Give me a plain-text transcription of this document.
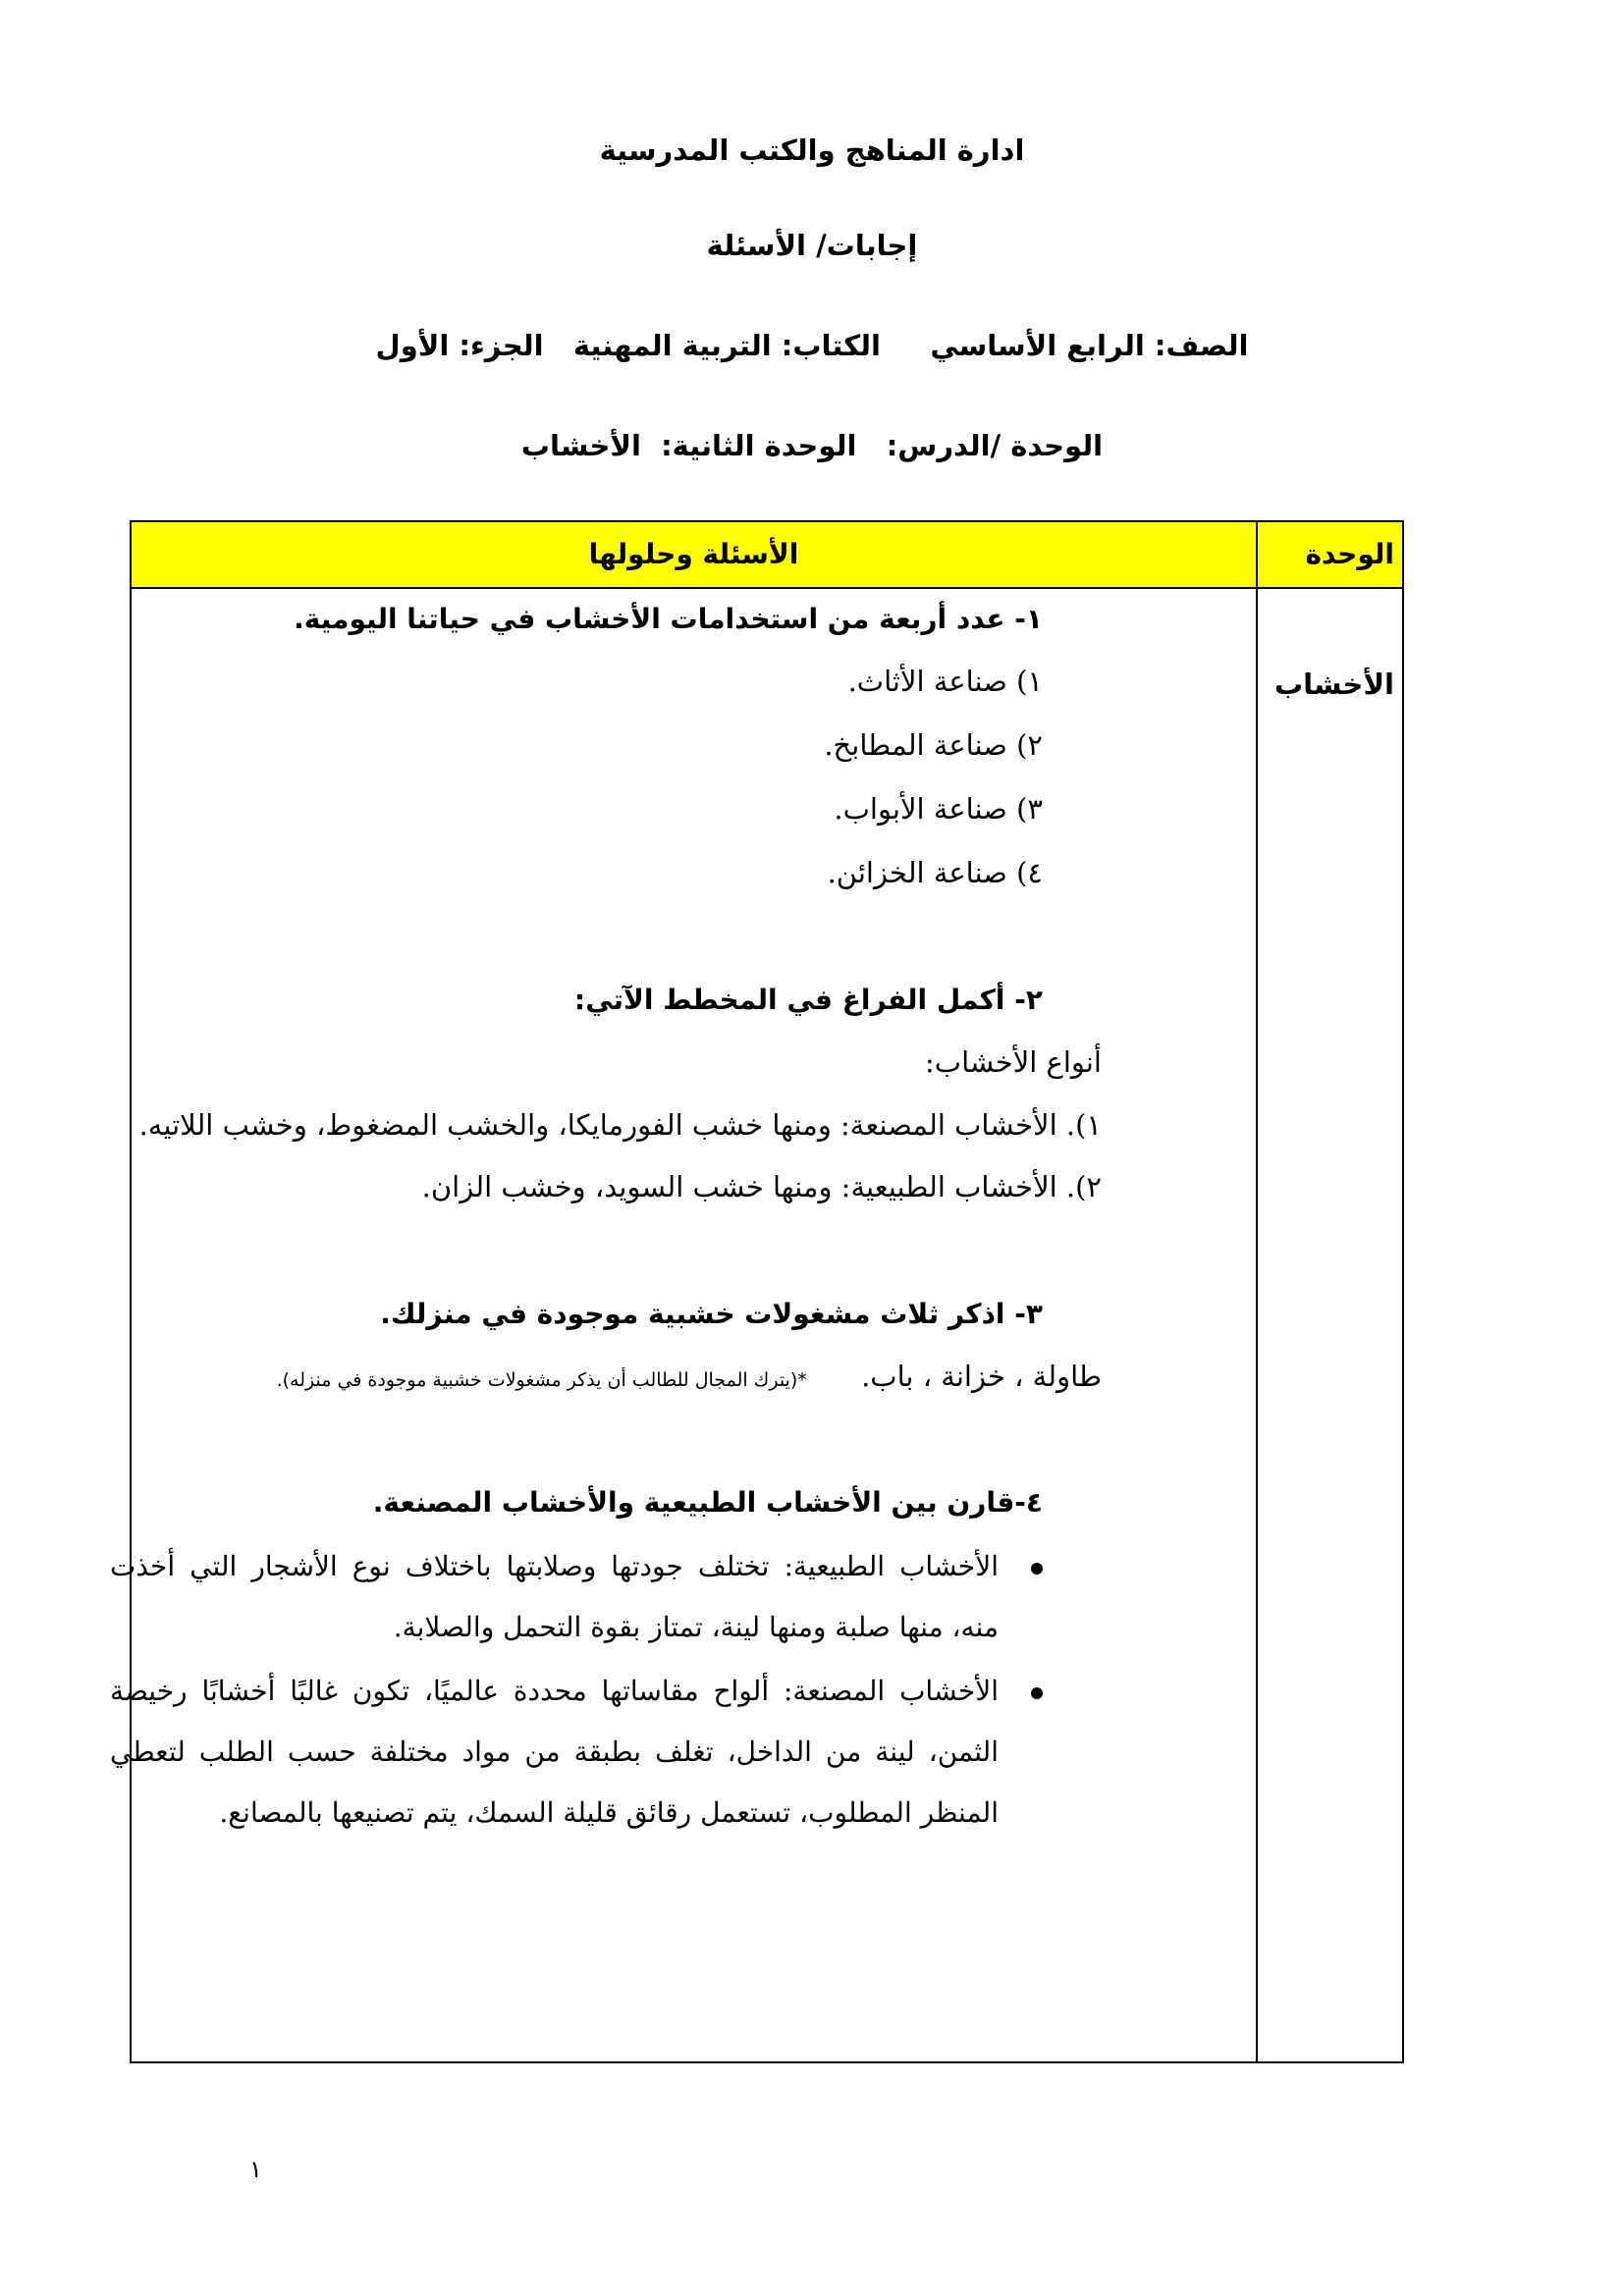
ادارة المناهج والكتب المدرسية
إجابات/ الأسئلة
الصف: الرابع الأساسي     الكتاب: التربية المهنية   الجزء: الأول
الوحدة /الدرس:   الوحدة الثانية:  الأخشاب
الوحدة
الأسئلة وحلولها
الأخشاب
١- عدد أربعة من استخدامات الأخشاب في حياتنا اليومية.
١) صناعة الأثاث.
٢) صناعة المطابخ.
٣) صناعة الأبواب.
٤) صناعة الخزائن.
٢- أكمل الفراغ في المخطط الآتي:
أنواع الأخشاب:
١). الأخشاب المصنعة: ومنها خشب الفورمايكا، والخشب المضغوط، وخشب اللاتيه.
٢). الأخشاب الطبيعية: ومنها خشب السويد، وخشب الزان.
٣- اذكر ثلاث مشغولات خشبية موجودة في منزلك.
طاولة ، خزانة ، باب.      *(يترك المجال للطالب أن يذكر مشغولات خشبية موجودة في منزله).
٤-قارن بين الأخشاب الطبيعية والأخشاب المصنعة.
الأخشاب الطبيعية: تختلف جودتها وصلابتها باختلاف نوع الأشجار التي أخذت منه، منها صلبة ومنها لينة، تمتاز بقوة التحمل والصلابة.
الأخشاب المصنعة: ألواح مقاساتها محددة عالميًا، تكون غالبًا أخشابًا رخيصة الثمن، لينة من الداخل، تغلف بطبقة من مواد مختلفة حسب الطلب لتعطي المنظر المطلوب، تستعمل رقائق قليلة السمك، يتم تصنيعها بالمصانع.
١
